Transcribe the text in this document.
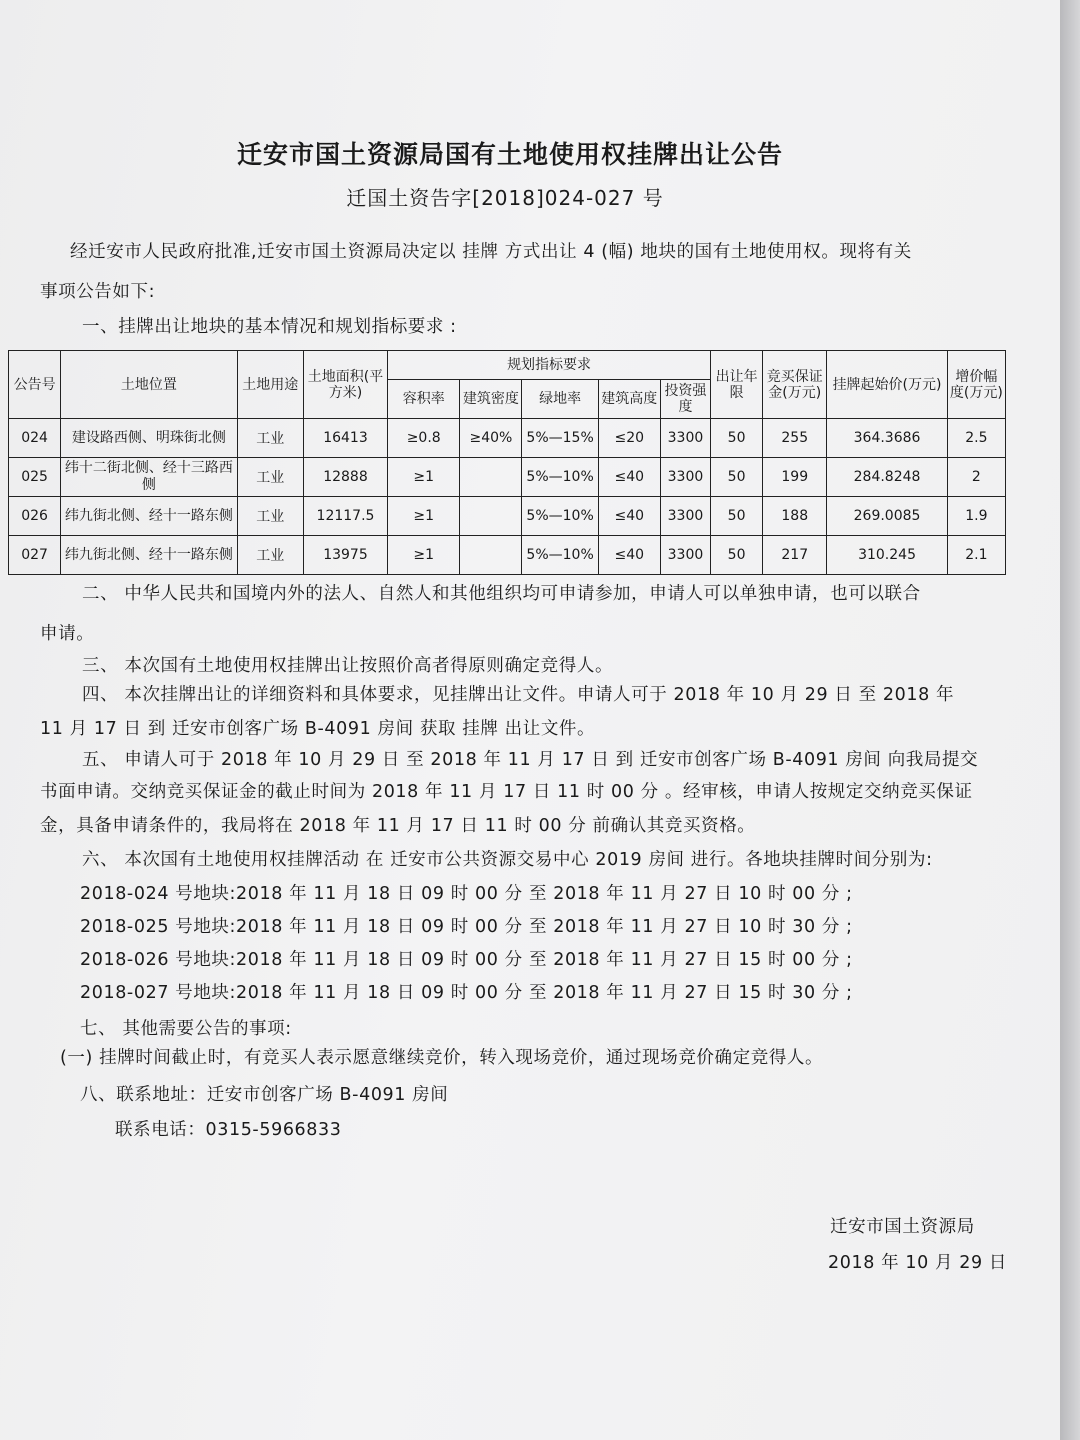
迁安市国土资源局国有土地使用权挂牌出让公告
迁国土资告字[2018]024-027 号
经迁安市人民政府批准,迁安市国土资源局决定以 挂牌 方式出让 4 (幅) 地块的国有土地使用权。现将有关
事项公告如下:
一、挂牌出让地块的基本情况和规划指标要求 :
公告号	土地位置	土地用途	土地面积(平方米)	规划指标要求					出让年限	竞买保证金(万元)	挂牌起始价(万元)	增价幅度(万元)
				容积率	建筑密度	绿地率	建筑高度	投资强度				
024	建设路西侧、明珠街北侧	工业	16413	≥0.8	≥40%	5%—15%	≤20	3300	50	255	364.3686	2.5
025	纬十二街北侧、经十三路西侧	工业	12888	≥1		5%—10%	≤40	3300	50	199	284.8248	2
026	纬九街北侧、经十一路东侧	工业	12117.5	≥1		5%—10%	≤40	3300	50	188	269.0085	1.9
027	纬九街北侧、经十一路东侧	工业	13975	≥1		5%—10%	≤40	3300	50	217	310.245	2.1
二、 中华人民共和国境内外的法人、自然人和其他组织均可申请参加，申请人可以单独申请，也可以联合
申请。
三、 本次国有土地使用权挂牌出让按照价高者得原则确定竞得人。
四、 本次挂牌出让的详细资料和具体要求，见挂牌出让文件。申请人可于 2018 年 10 月 29 日 至 2018 年
11 月 17 日 到 迁安市创客广场 B-4091 房间 获取 挂牌 出让文件。
五、 申请人可于 2018 年 10 月 29 日 至 2018 年 11 月 17 日 到 迁安市创客广场 B-4091 房间 向我局提交
书面申请。交纳竞买保证金的截止时间为 2018 年 11 月 17 日 11 时 00 分 。经审核，申请人按规定交纳竞买保证
金，具备申请条件的，我局将在 2018 年 11 月 17 日 11 时 00 分 前确认其竞买资格。
六、 本次国有土地使用权挂牌活动 在 迁安市公共资源交易中心 2019 房间 进行。各地块挂牌时间分别为:
2018-024 号地块:2018 年 11 月 18 日 09 时 00 分 至 2018 年 11 月 27 日 10 时 00 分 ;
2018-025 号地块:2018 年 11 月 18 日 09 时 00 分 至 2018 年 11 月 27 日 10 时 30 分 ;
2018-026 号地块:2018 年 11 月 18 日 09 时 00 分 至 2018 年 11 月 27 日 15 时 00 分 ;
2018-027 号地块:2018 年 11 月 18 日 09 时 00 分 至 2018 年 11 月 27 日 15 时 30 分 ;
七、 其他需要公告的事项:
(一) 挂牌时间截止时，有竞买人表示愿意继续竞价，转入现场竞价，通过现场竞价确定竞得人。
八、联系地址：迁安市创客广场 B-4091 房间
联系电话：0315-5966833
迁安市国土资源局
2018 年 10 月 29 日
